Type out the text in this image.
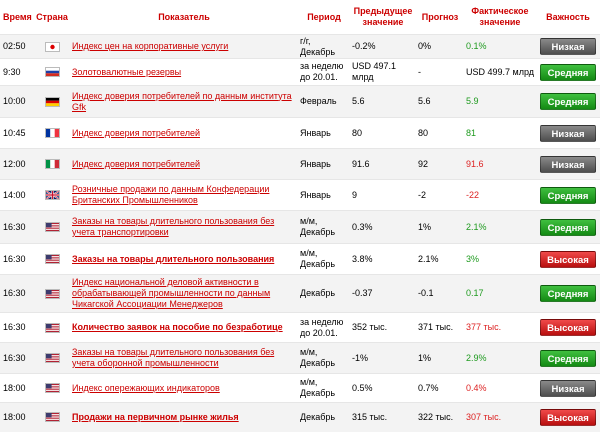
Время	Страна	Показатель	Период	Предыдущее значение	Прогноз	Фактическое значение	Важность
02:50		Индекс цен на корпоративные услуги	г/г, Декабрь	-0.2%	0%	0.1%	Низкая
9:30		Золотовалютные резервы	за неделю до 20.01.	USD 497.1 млрд	-	USD 499.7 млрд	Средняя
10:00		Индекс доверия потребителей по данным института Gfk	Февраль	5.6	5.6	5.9	Средняя
10:45		Индекс доверия потребителей	Январь	80	80	81	Низкая
12:00		Индекс доверия потребителей	Январь	91.6	92	91.6	Низкая
14:00		Розничные продажи по данным Конфедерации Британских Промышленников	Январь	9	-2	-22	Средняя
16:30		Заказы на товары длительного пользования без учета транспортировки	м/м, Декабрь	0.3%	1%	2.1%	Средняя
16:30		Заказы на товары длительного пользования	м/м, Декабрь	3.8%	2.1%	3%	Высокая
16:30		Индекс национальной деловой активности в обрабатывающей промышленности по данным Чикагской Ассоциации Менеджеров	Декабрь	-0.37	-0.1	0.17	Средняя
16:30		Количество заявок на пособие по безработице	за неделю до 20.01.	352 тыс.	371 тыс.	377 тыс.	Высокая
16:30		Заказы на товары длительного пользования без учета оборонной промышленности	м/м, Декабрь	-1%	1%	2.9%	Средняя
18:00		Индекс опережающих индикаторов	м/м, Декабрь	0.5%	0.7%	0.4%	Низкая
18:00		Продажи на первичном рынке жилья	Декабрь	315 тыс.	322 тыс.	307 тыс.	Высокая
